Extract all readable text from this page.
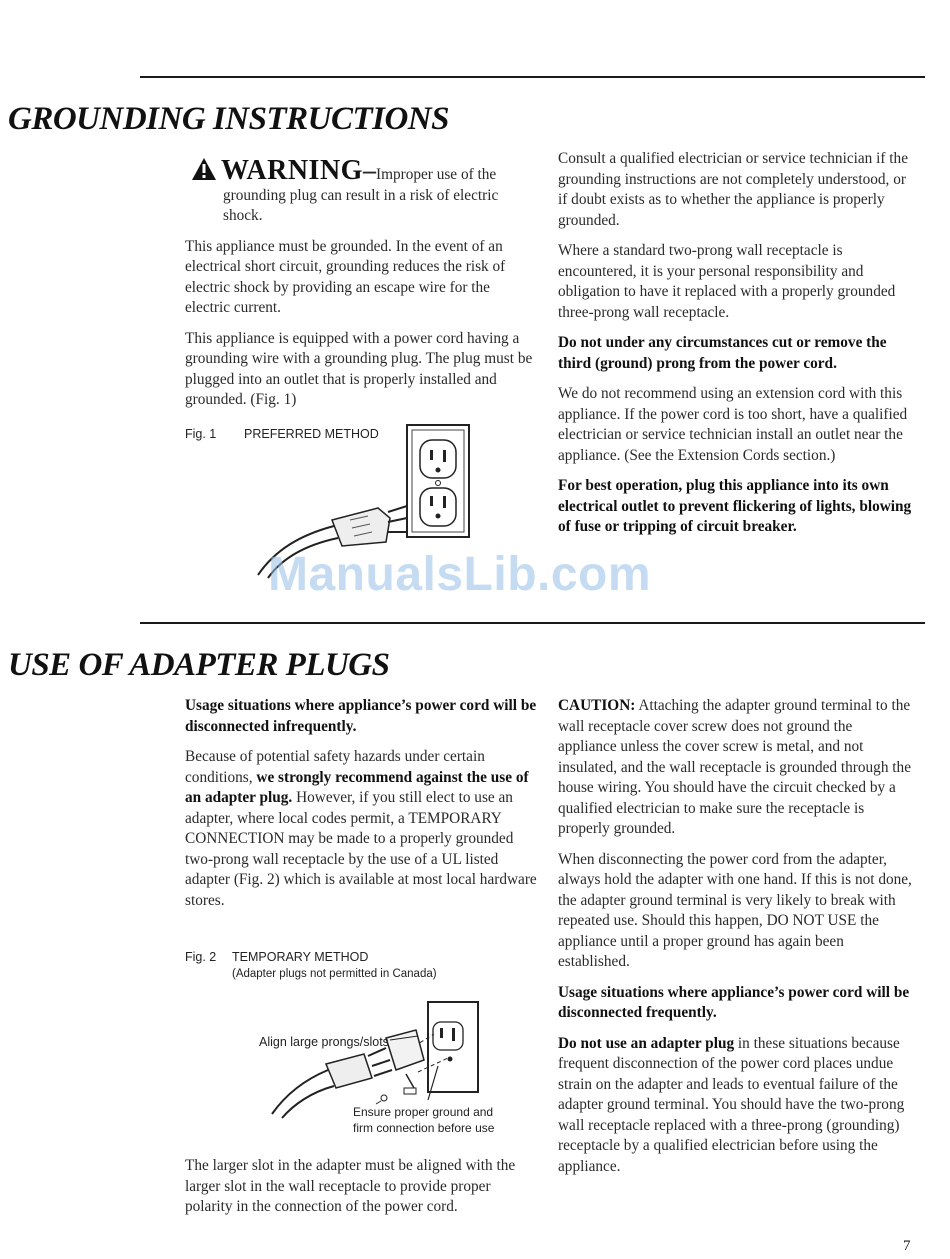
GROUNDING INSTRUCTIONS

WARNING–Improper use of the grounding plug can result in a risk of electric shock.

This appliance must be grounded. In the event of an electrical short circuit, grounding reduces the risk of electric shock by providing an escape wire for the electric current.

This appliance is equipped with a power cord having a grounding wire with a grounding plug. The plug must be plugged into an outlet that is properly installed and grounded. (Fig. 1)

Fig. 1 PREFERRED METHOD

Consult a qualified electrician or service technician if the grounding instructions are not completely understood, or if doubt exists as to whether the appliance is properly grounded.

Where a standard two-prong wall receptacle is encountered, it is your personal responsibility and obligation to have it replaced with a properly grounded three-prong wall receptacle.

Do not under any circumstances cut or remove the third (ground) prong from the power cord.

We do not recommend using an extension cord with this appliance. If the power cord is too short, have a qualified electrician or service technician install an outlet near the appliance. (See the Extension Cords section.)

For best operation, plug this appliance into its own electrical outlet to prevent flickering of lights, blowing of fuse or tripping of circuit breaker.

ManualsLib.com
USE OF ADAPTER PLUGS

Usage situations where appliance’s power cord will be disconnected infrequently.

Because of potential safety hazards under certain conditions, we strongly recommend against the use of an adapter plug. However, if you still elect to use an adapter, where local codes permit, a TEMPORARY CONNECTION may be made to a properly grounded two-prong wall receptacle by the use of a UL listed adapter (Fig. 2) which is available at most local hardware stores.

Fig. 2 TEMPORARY METHOD
(Adapter plugs not permitted in Canada)
Align large prongs/slots
Ensure proper ground and
firm connection before use

The larger slot in the adapter must be aligned with the larger slot in the wall receptacle to provide proper polarity in the connection of the power cord.

CAUTION: Attaching the adapter ground terminal to the wall receptacle cover screw does not ground the appliance unless the cover screw is metal, and not insulated, and the wall receptacle is grounded through the house wiring. You should have the circuit checked by a qualified electrician to make sure the receptacle is properly grounded.

When disconnecting the power cord from the adapter, always hold the adapter with one hand. If this is not done, the adapter ground terminal is very likely to break with repeated use. Should this happen, DO NOT USE the appliance until a proper ground has again been established.

Usage situations where appliance’s power cord will be disconnected frequently.

Do not use an adapter plug in these situations because frequent disconnection of the power cord places undue strain on the adapter and leads to eventual failure of the adapter ground terminal. You should have the two-prong wall receptacle replaced with a three-prong (grounding) receptacle by a qualified electrician before using the appliance.

7
